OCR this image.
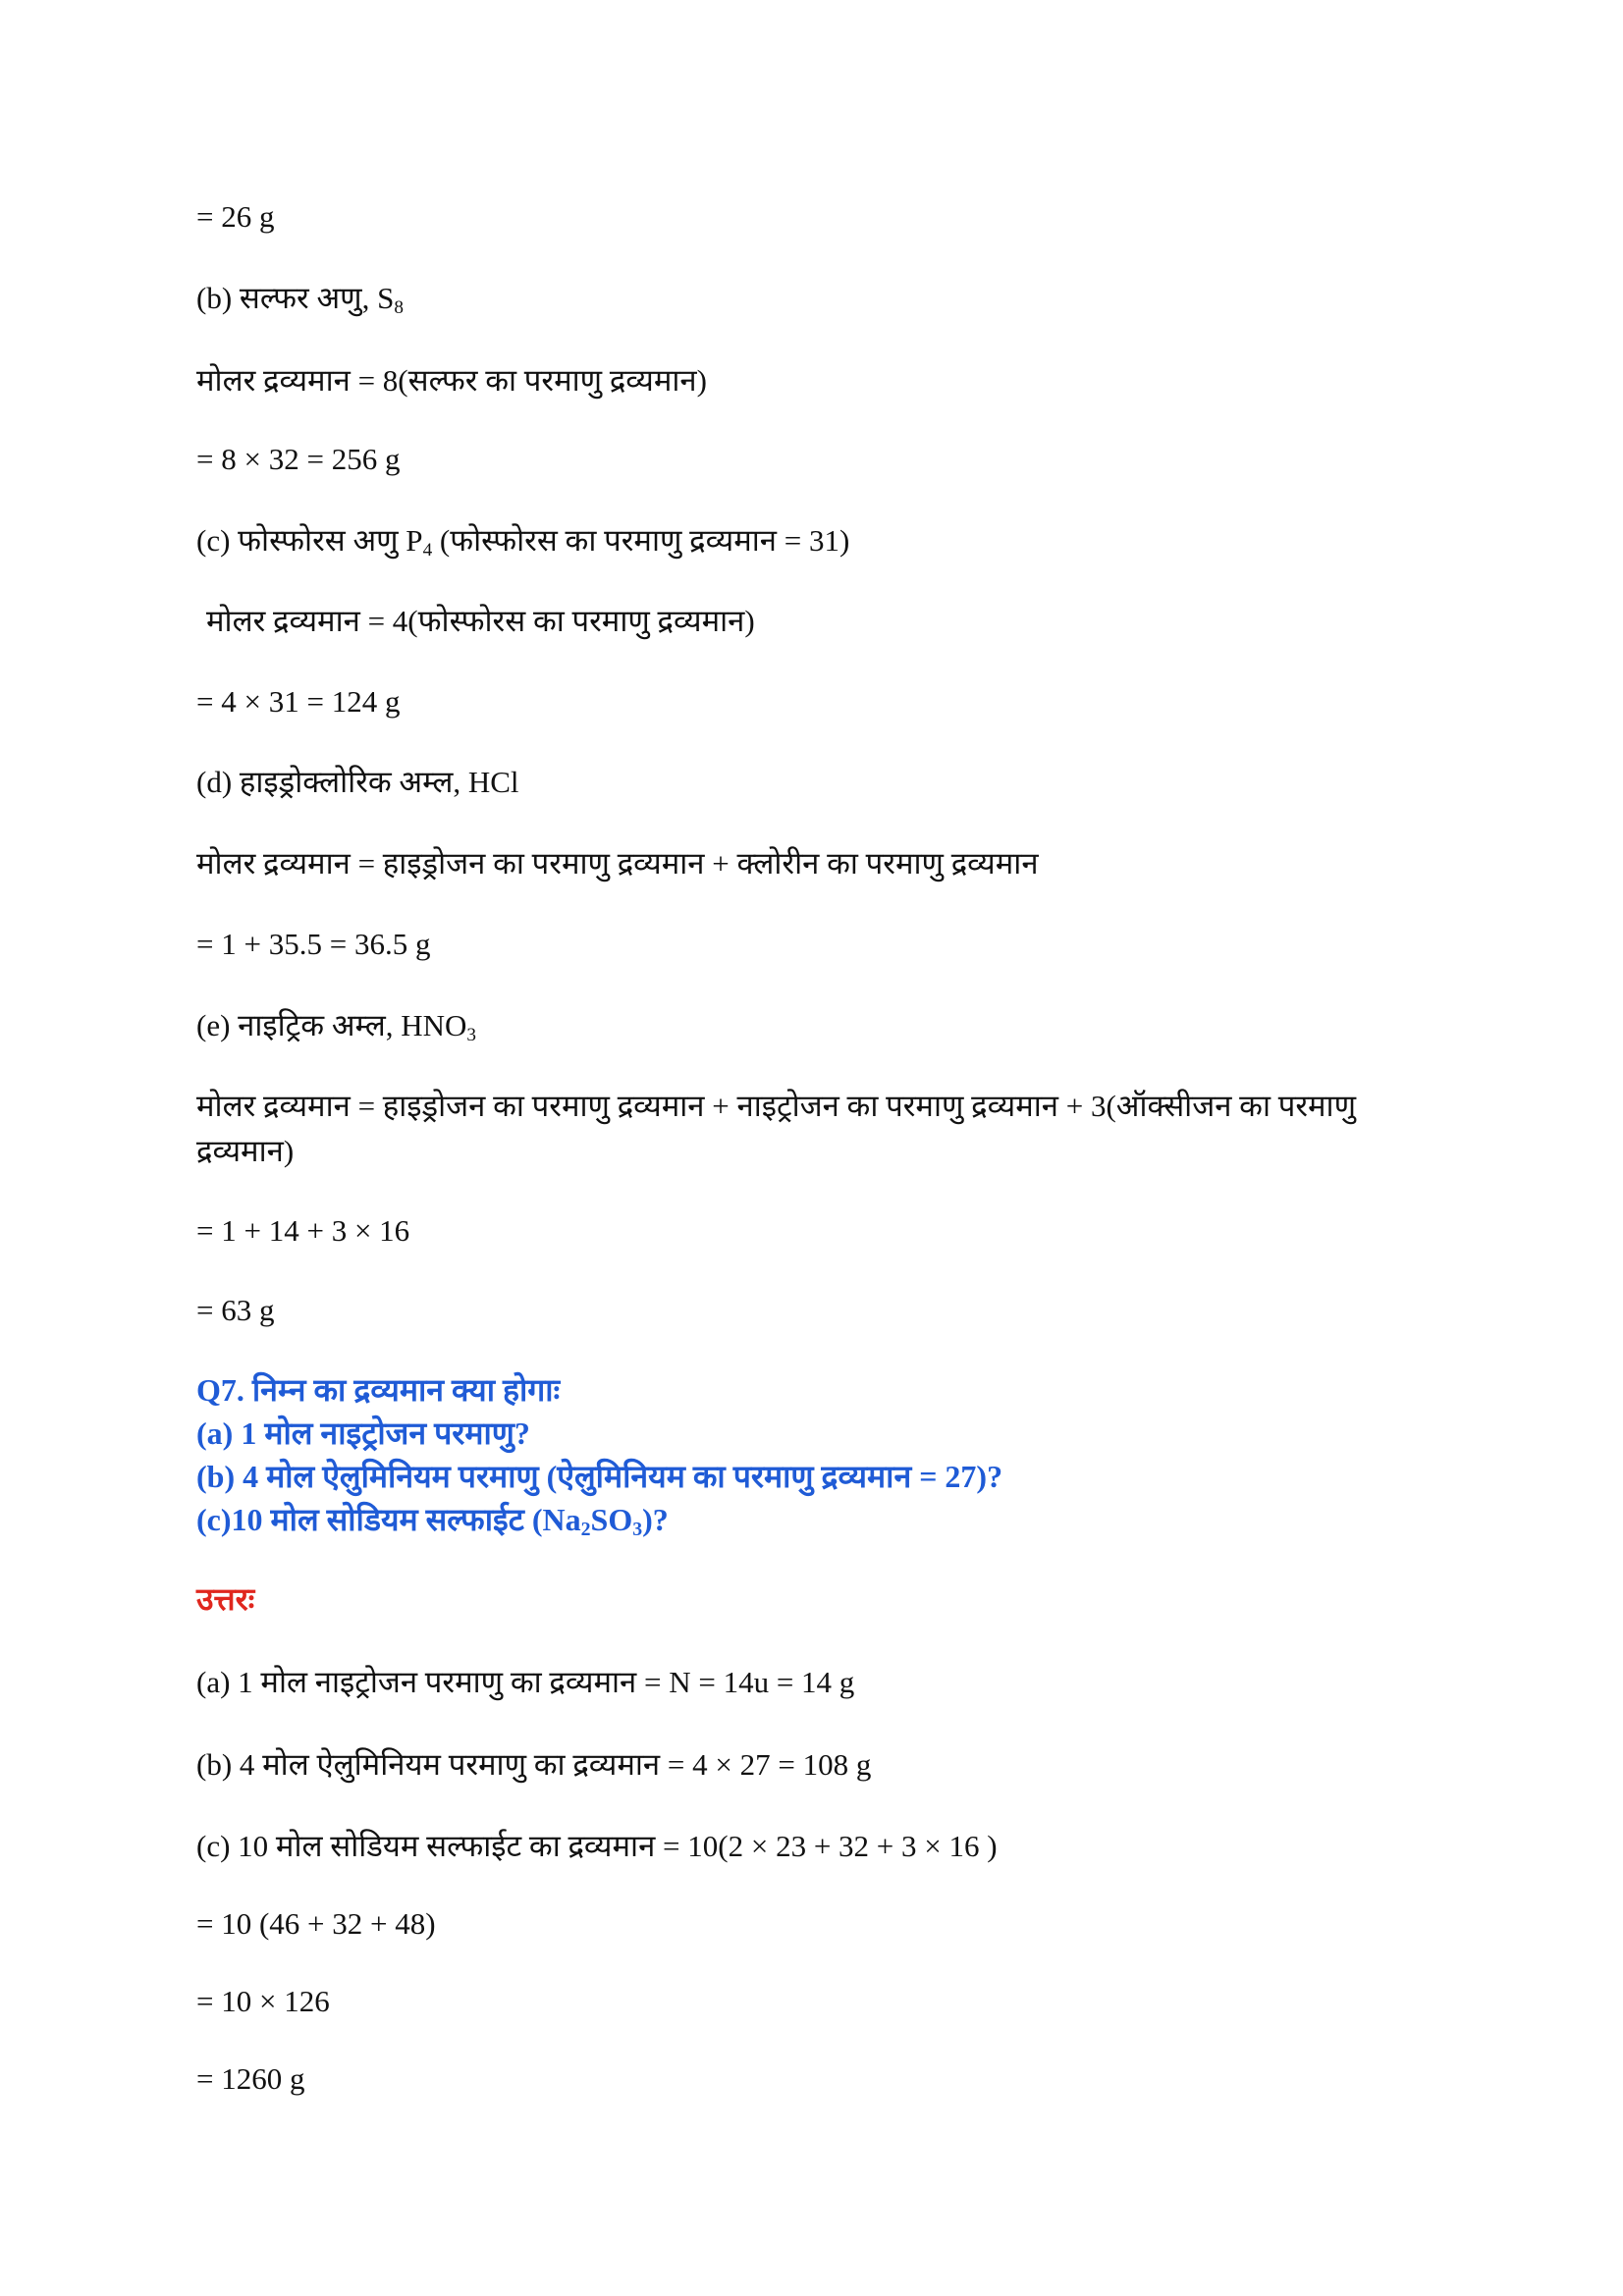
= 26 g

(b) सल्फर अणु, $S_8$

मोलर द्रव्यमान = 8(सल्फर का परमाणु द्रव्यमान)

= 8 × 32 = 256 g

(c) फोस्फोरस अणु $P_4$ (फोस्फोरस का परमाणु द्रव्यमान = 31)

मोलर द्रव्यमान = 4(फोस्फोरस का परमाणु द्रव्यमान)

= 4 × 31 = 124 g

(d) हाइड्रोक्लोरिक अम्ल, HCl

मोलर द्रव्यमान = हाइड्रोजन का परमाणु द्रव्यमान + क्लोरीन का परमाणु द्रव्यमान

= 1 + 35.5 = 36.5 g

(e) नाइट्रिक अम्ल, $HNO_3$

मोलर द्रव्यमान = हाइड्रोजन का परमाणु द्रव्यमान + नाइट्रोजन का परमाणु द्रव्यमान + 3(ऑक्सीजन का परमाणु द्रव्यमान)

= 1 + 14 + 3 × 16

= 63 g

Q7. निम्न का द्रव्यमान क्या होगाः

(a) 1 मोल नाइट्रोजन परमाणु?

(b) 4 मोल ऐलुमिनियम परमाणु (ऐलुमिनियम का परमाणु द्रव्यमान = 27)?

(c)10 मोल सोडियम सल्फाईट $(Na_2SO_3)$?

उत्तरः

(a) 1 मोल नाइट्रोजन परमाणु का द्रव्यमान = N = 14u = 14 g

(b) 4 मोल ऐलुमिनियम परमाणु का द्रव्यमान = 4 × 27 = 108 g

(c) 10 मोल सोडियम सल्फाईट का द्रव्यमान = 10(2 × 23 + 32 + 3 × 16 )

= 10 (46 + 32 + 48)

= 10 × 126

= 1260 g
